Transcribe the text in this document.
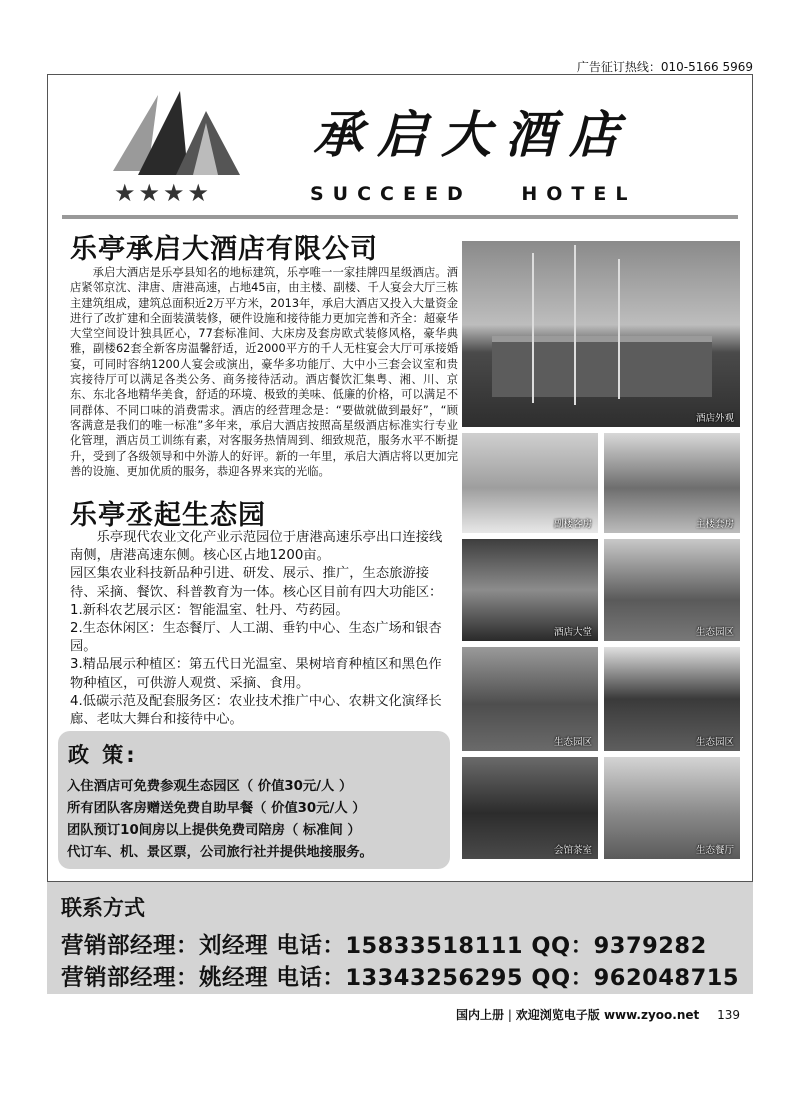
广告征订热线：010-5166 5969
★★★★
承启大酒店
SUCCEED HOTEL
乐亭承启大酒店有限公司
承启大酒店是乐亭县知名的地标建筑，乐亭唯一一家挂牌四星级酒店。酒店紧邻京沈、津唐、唐港高速，占地45亩，由主楼、副楼、千人宴会大厅三栋主建筑组成，建筑总面积近2万平方米，2013年，承启大酒店又投入大量资金进行了改扩建和全面装潢装修，硬件设施和接待能力更加完善和齐全：超豪华大堂空间设计独具匠心，77套标准间、大床房及套房欧式装修风格，豪华典雅，副楼62套全新客房温馨舒适，近2000平方的千人无柱宴会大厅可承接婚宴，可同时容纳1200人宴会或演出，豪华多功能厅、大中小三套会议室和贵宾接待厅可以满足各类公务、商务接待活动。酒店餐饮汇集粤、湘、川、京东、东北各地精华美食，舒适的环境、极致的美味、低廉的价格，可以满足不同群体、不同口味的消费需求。酒店的经营理念是：“要做就做到最好”，“顾客满意是我们的唯一标准”多年来，承启大酒店按照高星级酒店标准实行专业化管理，酒店员工训练有素，对客服务热情周到、细致规范，服务水平不断提升，受到了各级领导和中外游人的好评。新的一年里，承启大酒店将以更加完善的设施、更加优质的服务，恭迎各界来宾的光临。
乐亭丞起生态园

乐亭现代农业文化产业示范园位于唐港高速乐亭出口连接线南侧，唐港高速东侧。核心区占地1200亩。

园区集农业科技新品种引进、研发、展示、推广，生态旅游接待、采摘、餐饮、科普教育为一体。核心区目前有四大功能区：

1.新科农艺展示区：智能温室、牡丹、芍药园。

2.生态休闲区：生态餐厅、人工湖、垂钓中心、生态广场和银杏园。

3.精品展示种植区：第五代日光温室、果树培育种植区和黑色作物种植区，可供游人观赏、采摘、食用。

4.低碳示范及配套服务区：农业技术推广中心、农耕文化演绎长廊、老呔大舞台和接待中心。

酒店外观
副楼客房	主楼套房
酒店大堂	生态园区
生态园区	生态园区
会馆茶室	生态餐厅
政 策:
入住酒店可免费参观生态园区（ 价值30元/人 ）
所有团队客房赠送免费自助早餐（ 价值30元/人 ）
团队预订10间房以上提供免费司陪房（ 标准间 ）
代订车、机、景区票，公司旅行社并提供地接服务。
联系方式
营销部经理：刘经理 电话：15833518111 QQ：9379282
营销部经理：姚经理 电话：13343256295 QQ：962048715
国内上册 | 欢迎浏览电子版 www.zyoo.net 139
